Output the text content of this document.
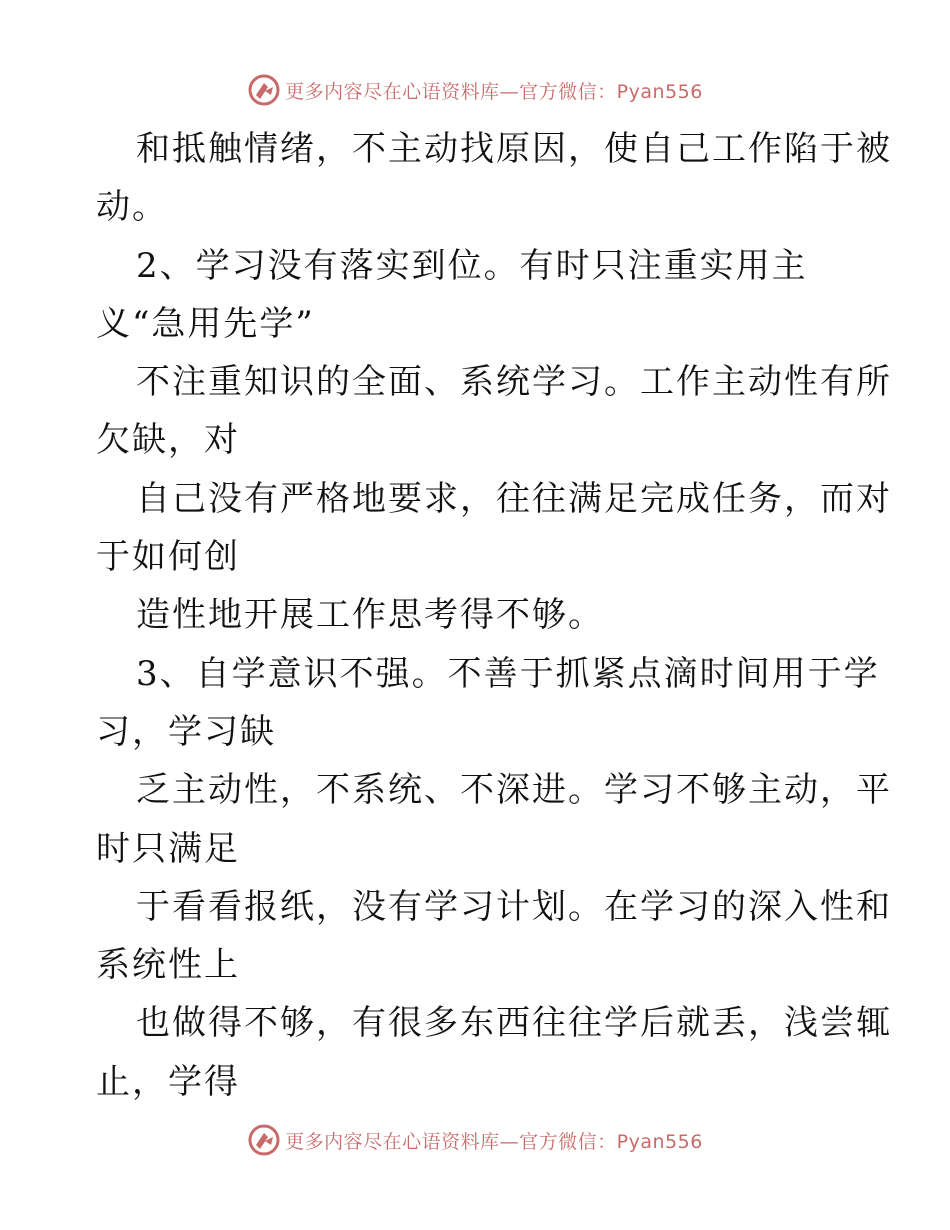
更多内容尽在心语资料库—官方微信：Pyan556
和抵触情绪，不主动找原因，使自己工作陷于被
动。
2、学习没有落实到位。有时只注重实用主
义“急用先学”
不注重知识的全面、系统学习。工作主动性有所
欠缺，对
自己没有严格地要求，往往满足完成任务，而对
于如何创
造性地开展工作思考得不够。
3、自学意识不强。不善于抓紧点滴时间用于学
习，学习缺
乏主动性，不系统、不深进。学习不够主动，平
时只满足
于看看报纸，没有学习计划。在学习的深入性和
系统性上
也做得不够，有很多东西往往学后就丢，浅尝辄
止，学得
更多内容尽在心语资料库—官方微信：Pyan556
